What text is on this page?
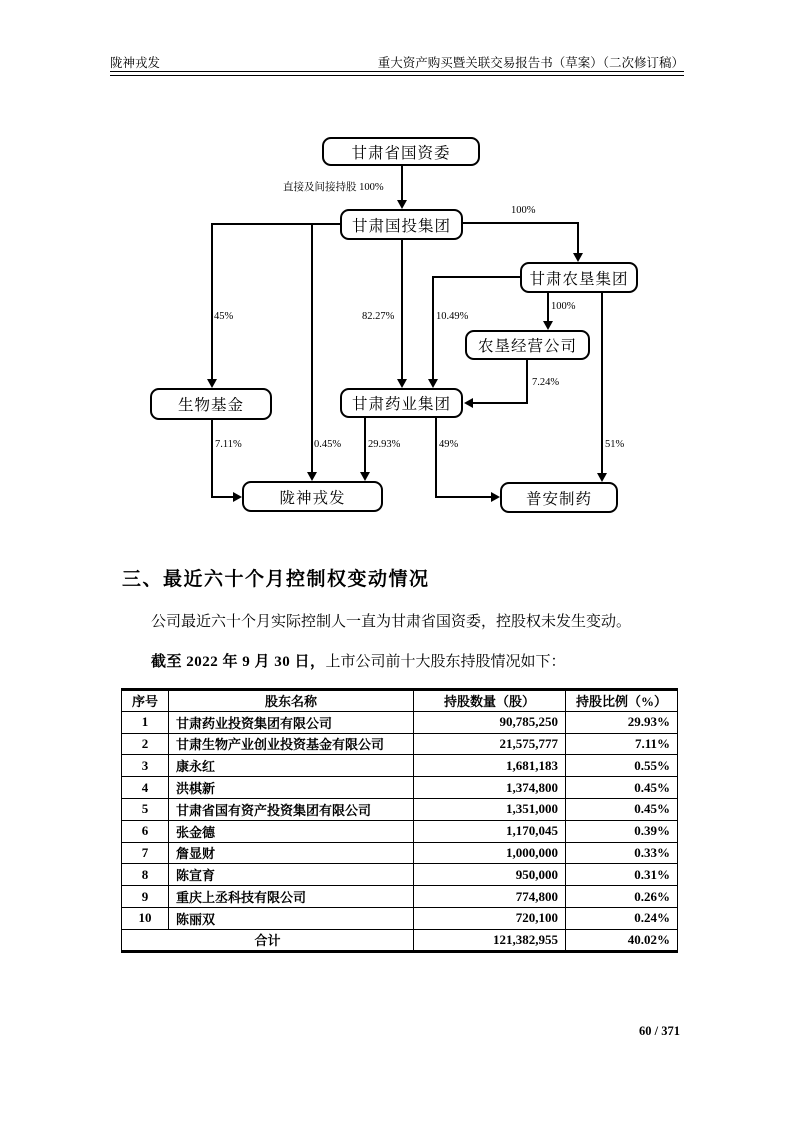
陇神戎发	重大资产购买暨关联交易报告书（草案）（二次修订稿）
直接及间接持股 100%
100%
45%
0.45%
82.27%	10.49%
100%
7.24%
7.11%	29.93%	49%	51%
甘肃省国资委
甘肃国投集团
甘肃农垦集团
农垦经营公司
生物基金	甘肃药业集团
陇神戎发	普安制药
三、最近六十个月控制权变动情况

公司最近六十个月实际控制人一直为甘肃省国资委，控股权未发生变动。

截至 2022 年 9 月 30 日，上市公司前十大股东持股情况如下：

序号	股东名称	持股数量（股）	持股比例（%）
1	甘肃药业投资集团有限公司	90,785,250	29.93%
2	甘肃生物产业创业投资基金有限公司	21,575,777	7.11%
3	康永红	1,681,183	0.55%
4	洪棋新	1,374,800	0.45%
5	甘肃省国有资产投资集团有限公司	1,351,000	0.45%
6	张金德	1,170,045	0.39%
7	詹显财	1,000,000	0.33%
8	陈宣育	950,000	0.31%
9	重庆上丞科技有限公司	774,800	0.26%
10	陈丽双	720,100	0.24%
合计		121,382,955	40.02%
60 / 371
